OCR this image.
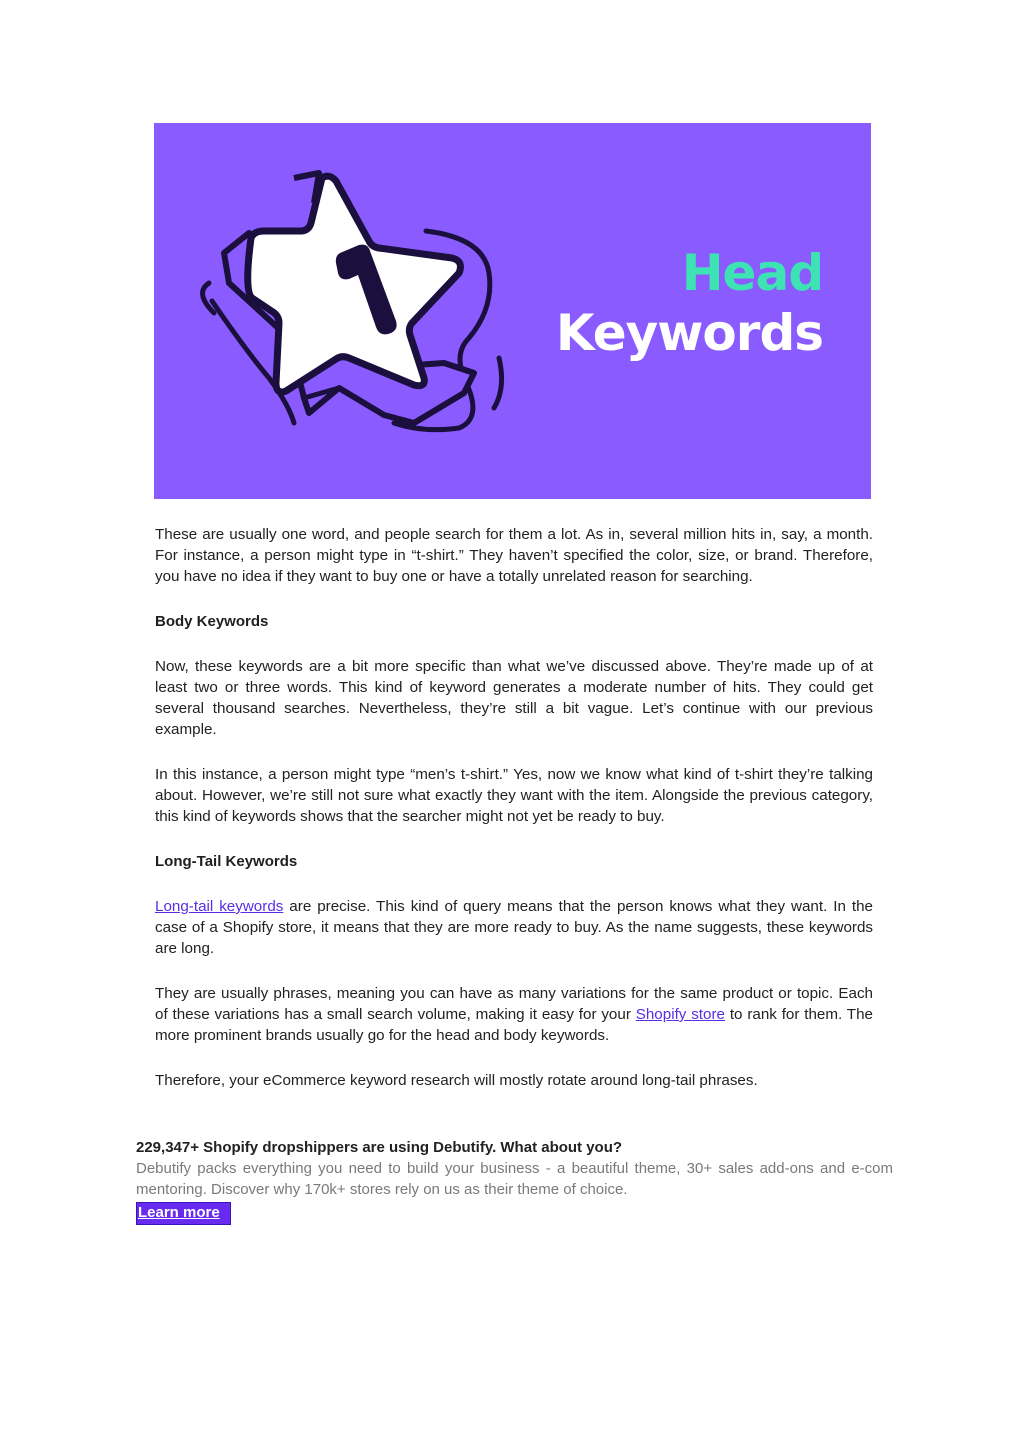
Head
Keywords

These are usually one word, and people search for them a lot. As in, several million hits in, say, a month. For instance, a person might type in “t-shirt.” They haven’t specified the color, size, or brand. Therefore, you have no idea if they want to buy one or have a totally unrelated reason for searching.

Body Keywords

Now, these keywords are a bit more specific than what we’ve discussed above. They’re made up of at least two or three words. This kind of keyword generates a moderate number of hits. They could get several thousand searches. Nevertheless, they’re still a bit vague. Let’s continue with our previous example.

In this instance, a person might type “men’s t-shirt.” Yes, now we know what kind of t-shirt they’re talking about. However, we’re still not sure what exactly they want with the item. Alongside the previous category, this kind of keywords shows that the searcher might not yet be ready to buy.

Long-Tail Keywords

Long-tail keywords are precise. This kind of query means that the person knows what they want. In the case of a Shopify store, it means that they are more ready to buy. As the name suggests, these keywords are long.

They are usually phrases, meaning you can have as many variations for the same product or topic. Each of these variations has a small search volume, making it easy for your Shopify store to rank for them. The more prominent brands usually go for the head and body keywords.

Therefore, your eCommerce keyword research will mostly rotate around long-tail phrases.

229,347+ Shopify dropshippers are using Debutify. What about you?

Debutify packs everything you need to build your business - a beautiful theme, 30+ sales add-ons and e-com mentoring. Discover why 170k+ stores rely on us as their theme of choice.

Learn more
